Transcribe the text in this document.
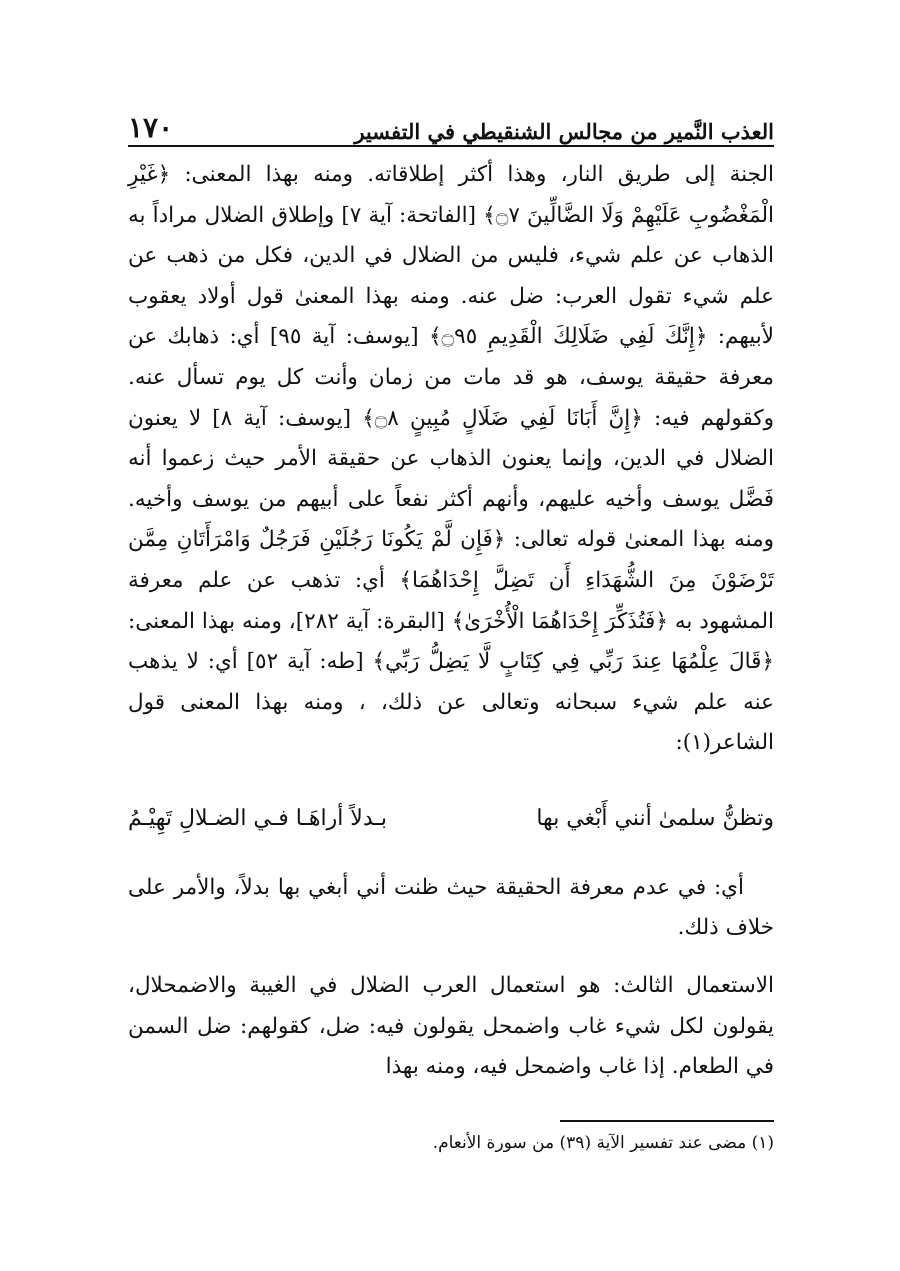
١٧٠	العذب النَّمير من مجالس الشنقيطي في التفسير

الجنة إلى طريق النار، وهذا أكثر إطلاقاته. ومنه بهذا المعنى: ﴿غَيْرِ الْمَغْضُوبِ عَلَيْهِمْ وَلَا الضَّالِّينَ ۝٧﴾ [الفاتحة: آية ٧] وإطلاق الضلال مراداً به الذهاب عن علم شيء، فليس من الضلال في الدين، فكل من ذهب عن علم شيء تقول العرب: ضل عنه. ومنه بهذا المعنىٰ قول أولاد يعقوب لأبيهم: ﴿إِنَّكَ لَفِي ضَلَالِكَ الْقَدِيمِ ۝٩٥﴾ [يوسف: آية ٩٥] أي: ذهابك عن معرفة حقيقة يوسف، هو قد مات من زمان وأنت كل يوم تسأل عنه. وكقولهم فيه: ﴿إِنَّ أَبَانَا لَفِي ضَلَالٍ مُبِينٍ ۝٨﴾ [يوسف: آية ٨] لا يعنون الضلال في الدين، وإنما يعنون الذهاب عن حقيقة الأمر حيث زعموا أنه فَضَّل يوسف وأخيه عليهم، وأنهم أكثر نفعاً على أبيهم من يوسف وأخيه. ومنه بهذا المعنىٰ قوله تعالى: ﴿فَإِن لَّمْ يَكُونَا رَجُلَيْنِ فَرَجُلٌ وَامْرَأَتَانِ مِمَّن تَرْضَوْنَ مِنَ الشُّهَدَاءِ أَن تَضِلَّ إِحْدَاهُمَا﴾ أي: تذهب عن علم معرفة المشهود به ﴿فَتُذَكِّرَ إِحْدَاهُمَا الْأُخْرَىٰ﴾ [البقرة: آية ٢٨٢]، ومنه بهذا المعنى: ﴿قَالَ عِلْمُهَا عِندَ رَبِّي فِي كِتَابٍ لَّا يَضِلُّ رَبِّي﴾ [طه: آية ٥٢] أي: لا يذهب عنه علم شيء سبحانه وتعالى عن ذلك، ، ومنه بهذا المعنى قول الشاعر(١):

وتظنُّ سلمىٰ أنني أَبْغي بها
بـدلاً أراهَـا فـي الضـلالِ تَهِيْـمُ

أي: في عدم معرفة الحقيقة حيث ظنت أني أبغي بها بدلاً، والأمر على خلاف ذلك.

الاستعمال الثالث: هو استعمال العرب الضلال في الغيبة والاضمحلال، يقولون لكل شيء غاب واضمحل يقولون فيه: ضل، كقولهم: ضل السمن في الطعام. إذا غاب واضمحل فيه، ومنه بهذا

(١) مضى عند تفسير الآية (٣٩) من سورة الأنعام.
